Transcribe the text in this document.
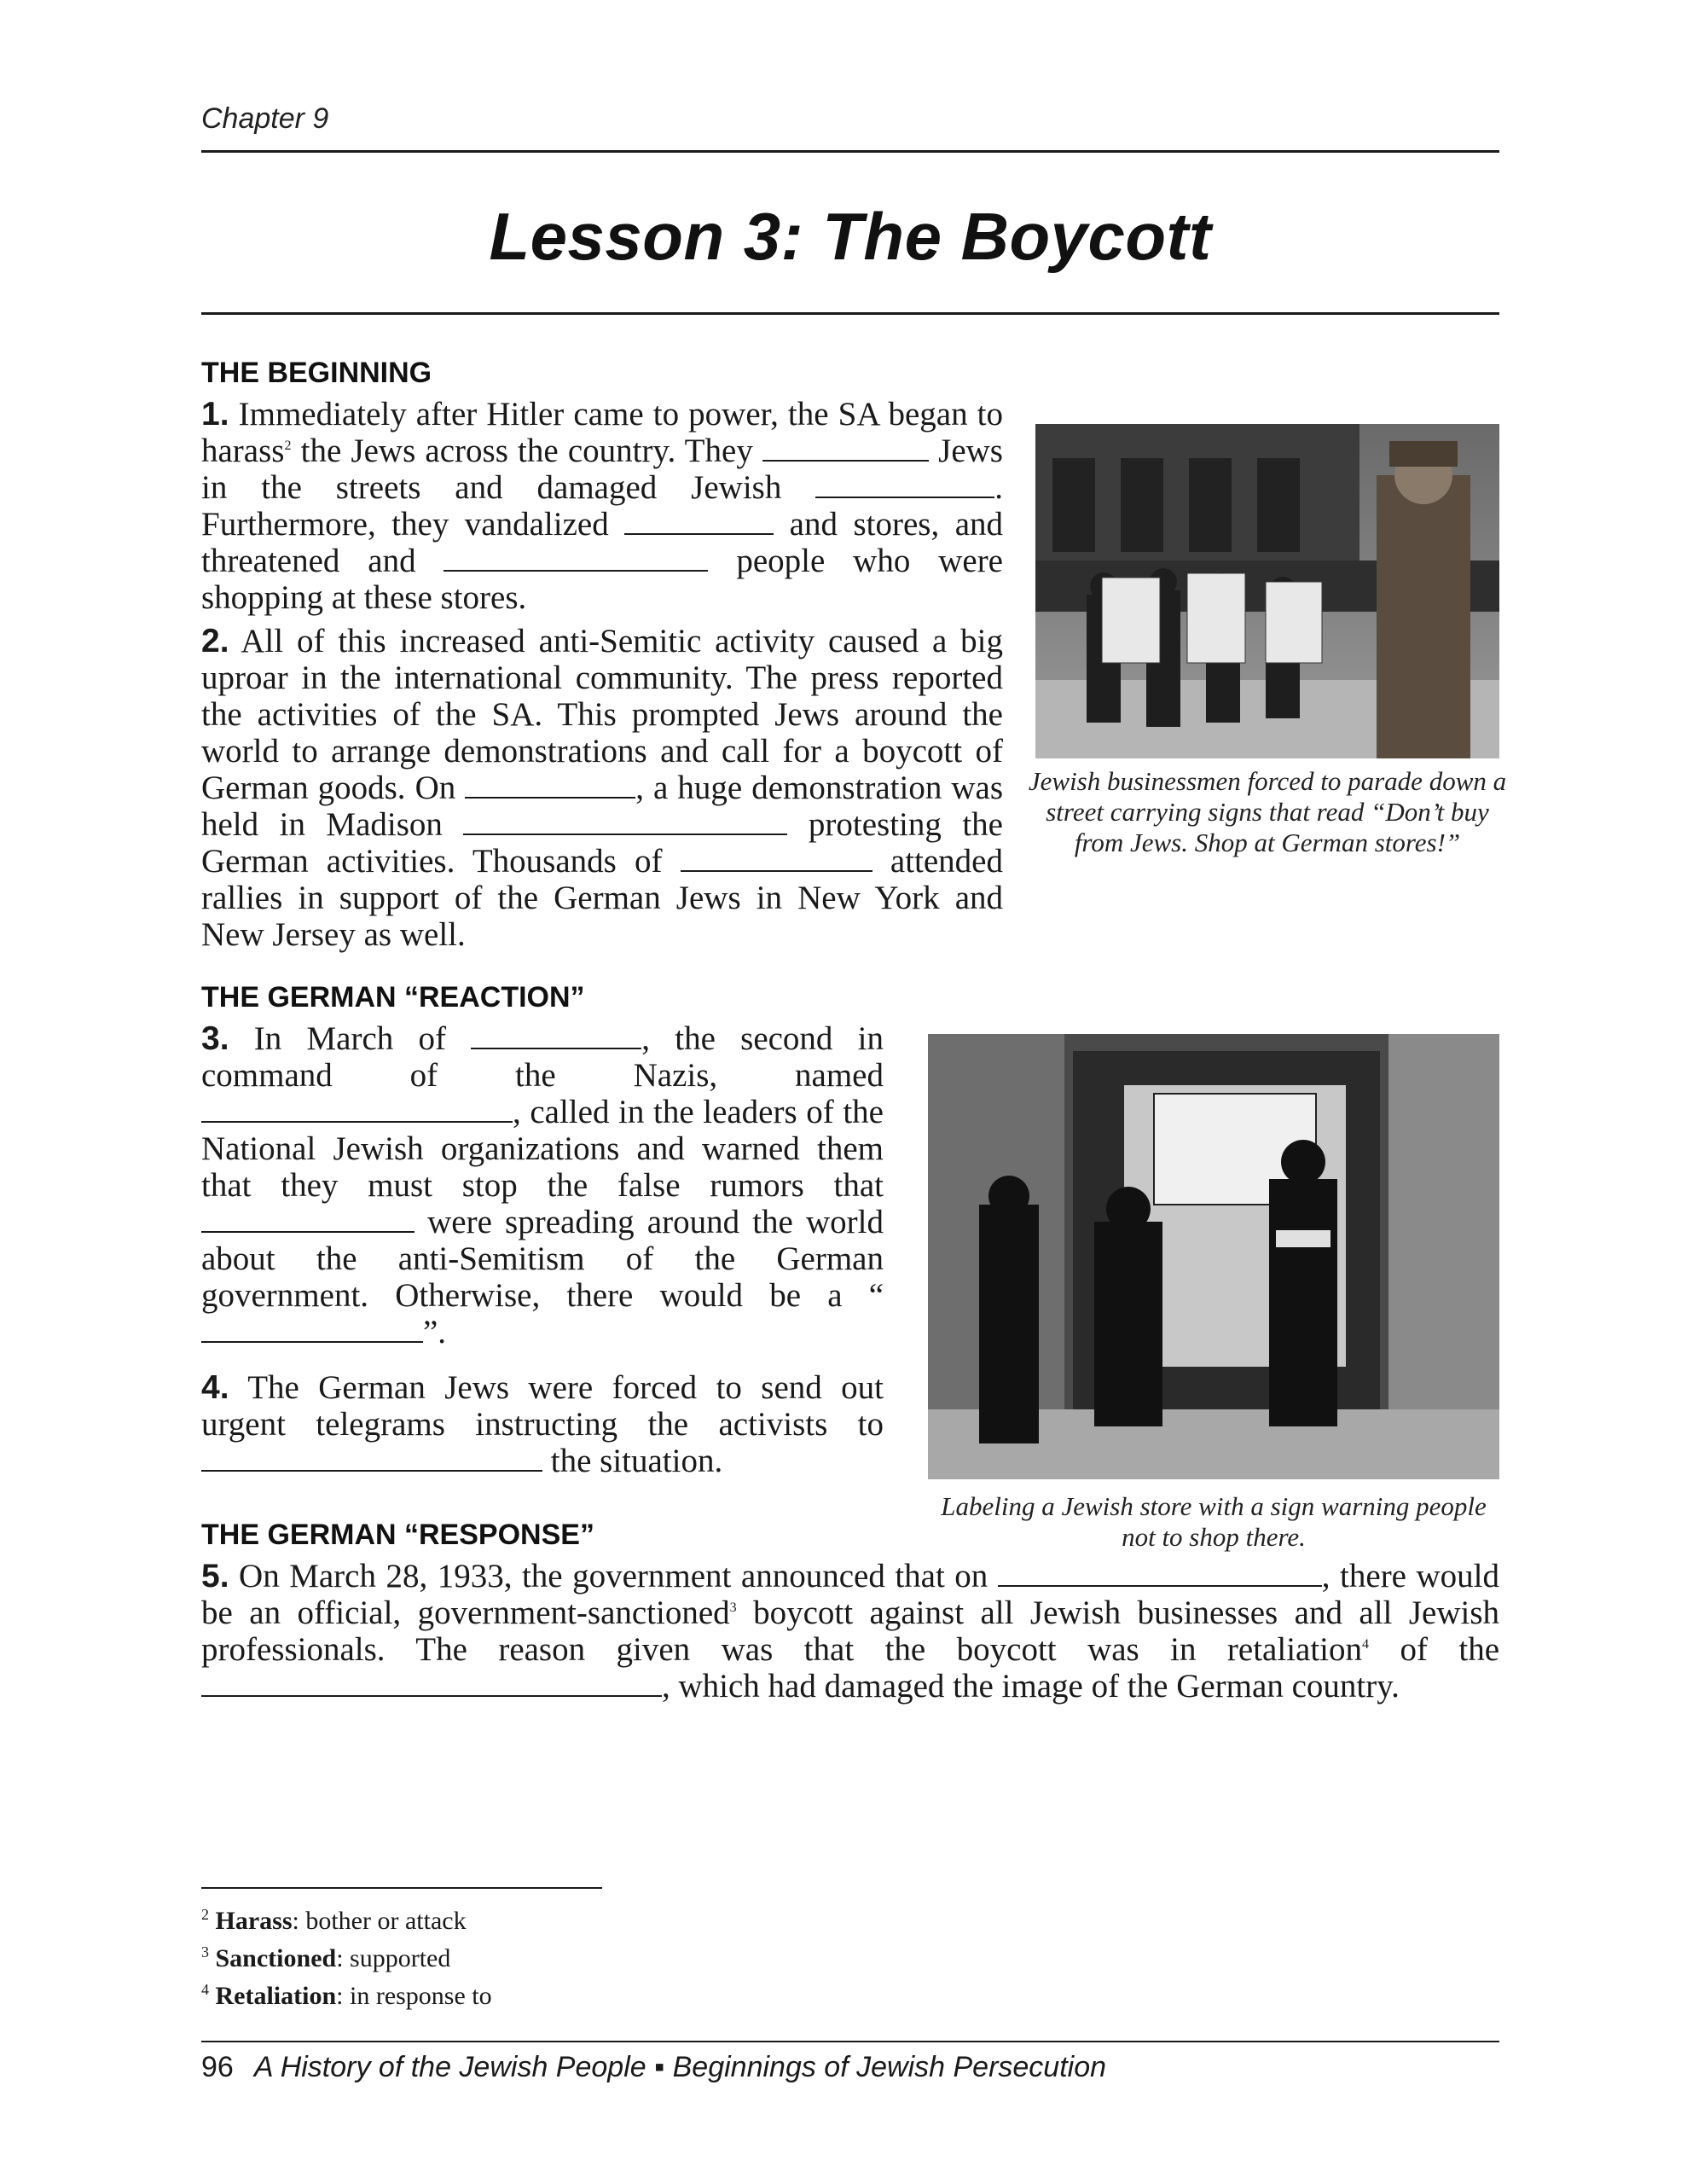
Chapter 9
Lesson 3: The Boycott
THE BEGINNING
1. Immediately after Hitler came to power, the SA began to harass$^2$ the Jews across the country. They	Jews in the streets and damaged Jewish	. Furthermore, they vandalized	and stores, and threatened and	people who were shopping at these stores.
2. All of this increased anti-Semitic activity caused a big uproar in the international community. The press reported the activities of the SA. This prompted Jews around the world to arrange demonstrations and call for a boycott of German goods. On	, a huge demonstration was held in Madison	protesting the German activities. Thousands of	attended rallies in support of the German Jews in New York and New Jersey as well.
Jewish businessmen forced to parade down a street carrying signs that read “Don’t buy from Jews. Shop at German stores!”
THE GERMAN “REACTION”
3. In March of	, the second in command of the Nazis, named , called in the leaders of the National Jewish organizations and warned them that they must stop the false rumors that  were spreading around the world about the anti-Semitism of the German government. Otherwise, there would be a “”.
4. The German Jews were forced to send out urgent telegrams instructing the activists to  the situation.
Labeling a Jewish store with a sign warning people not to shop there.
THE GERMAN “RESPONSE”
5. On March 28, 1933, the government announced that on	, there would be an official, government-sanctioned$^3$ boycott against all Jewish businesses and all Jewish professionals. The reason given was that the boycott was in retaliation$^4$ of the , which had damaged the image of the German country.
$^2$ Harass: bother or attack
$^3$ Sanctioned: supported
$^4$ Retaliation: in response to
96 A History of the Jewish People ▪ Beginnings of Jewish Persecution
